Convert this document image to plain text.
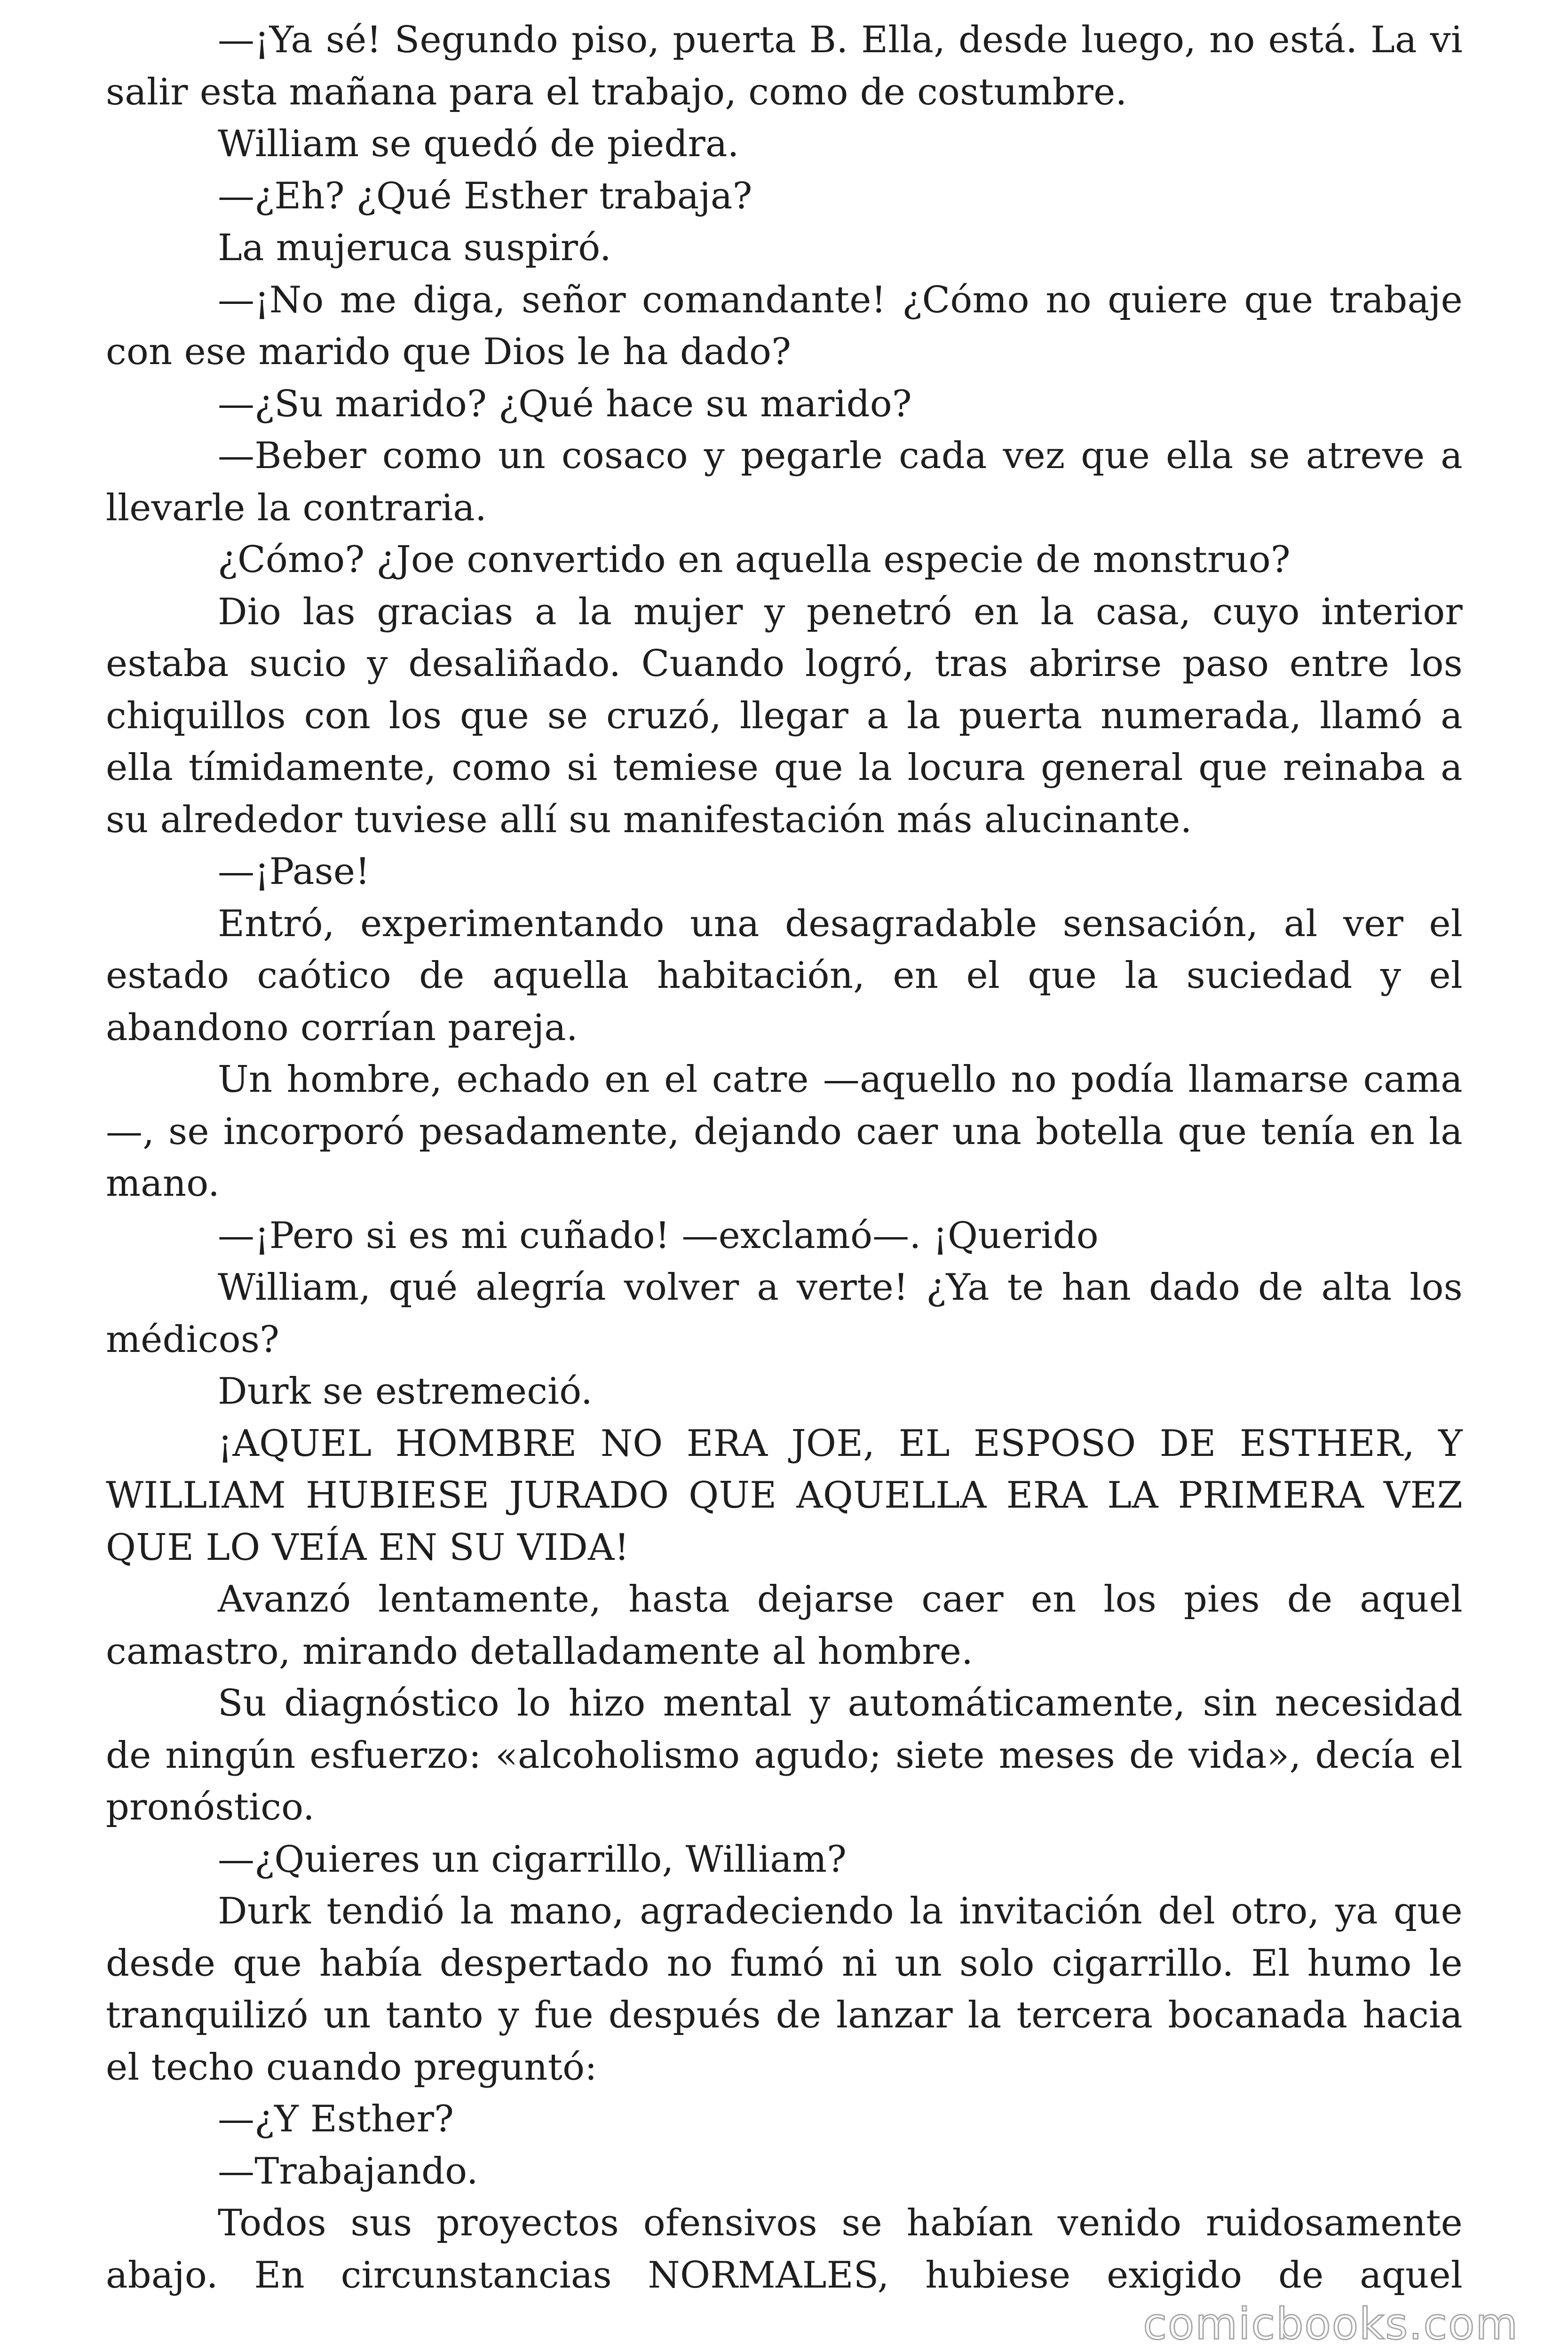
—¡Ya sé! Segundo piso, puerta B. Ella, desde luego, no está. La vi salir esta mañana para el trabajo, como de costumbre.

William se quedó de piedra.

—¿Eh? ¿Qué Esther trabaja?

La mujeruca suspiró.

—¡No me diga, señor comandante! ¿Cómo no quiere que trabaje con ese marido que Dios le ha dado?

—¿Su marido? ¿Qué hace su marido?

—Beber como un cosaco y pegarle cada vez que ella se atreve a llevarle la contraria.

¿Cómo? ¿Joe convertido en aquella especie de monstruo?

Dio las gracias a la mujer y penetró en la casa, cuyo interior estaba sucio y desaliñado. Cuando logró, tras abrirse paso entre los chiquillos con los que se cruzó, llegar a la puerta numerada, llamó a ella tímidamente, como si temiese que la locura general que reinaba a su alrededor tuviese allí su manifestación más alucinante.

—¡Pase!

Entró, experimentando una desagradable sensación, al ver el estado caótico de aquella habitación, en el que la suciedad y el abandono corrían pareja.

Un hombre, echado en el catre —aquello no podía llamarse cama—, se incorporó pesadamente, dejando caer una botella que tenía en la mano.

—¡Pero si es mi cuñado! —exclamó—. ¡Querido

William, qué alegría volver a verte! ¿Ya te han dado de alta los médicos?

Durk se estremeció.

¡AQUEL HOMBRE NO ERA JOE, EL ESPOSO DE ESTHER, Y WILLIAM HUBIESE JURADO QUE AQUELLA ERA LA PRIMERA VEZ QUE LO VEÍA EN SU VIDA!

Avanzó lentamente, hasta dejarse caer en los pies de aquel camastro, mirando detalladamente al hombre.

Su diagnóstico lo hizo mental y automáticamente, sin necesidad de ningún esfuerzo: «alcoholismo agudo; siete meses de vida», decía el pronóstico.

—¿Quieres un cigarrillo, William?

Durk tendió la mano, agradeciendo la invitación del otro, ya que desde que había despertado no fumó ni un solo cigarrillo. El humo le tranquilizó un tanto y fue después de lanzar la tercera bocanada hacia el techo cuando preguntó:

—¿Y Esther?

—Trabajando.

Todos sus proyectos ofensivos se habían venido ruidosamente abajo. En circunstancias NORMALES, hubiese exigido de aquel

comicbooks.com
